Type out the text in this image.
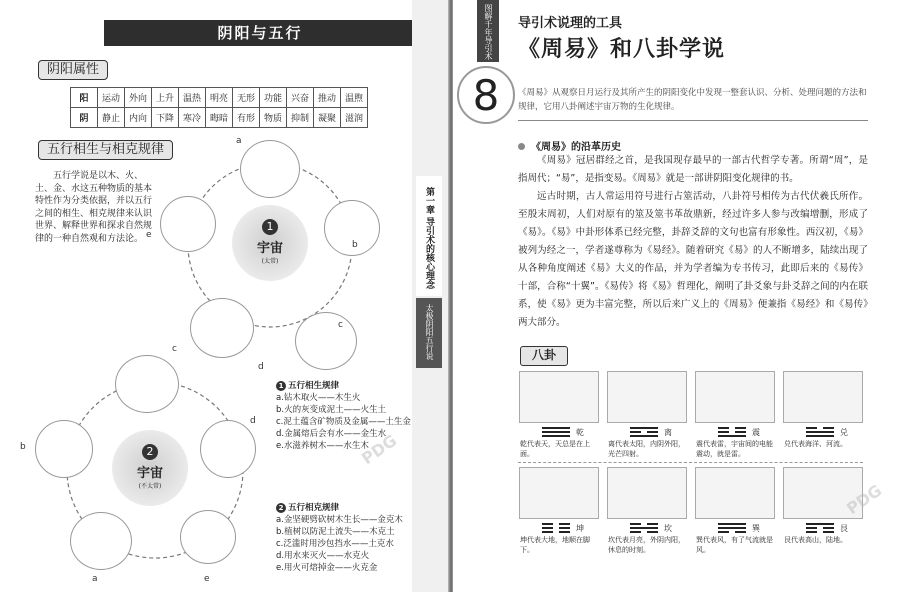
阴阳与五行
阴阳属性
阳	运动	外向	上升	温热	明亮	无形	功能	兴奋	推动	温煦
阴	静止	内向	下降	寒冷	晦暗	有形	物质	抑制	凝聚	滋润
五行相生与相克规律
五行学说是以木、火、土、金、水这五种物质的基本特性作为分类依据，并以五行之间的相生、相克规律来认识世界、解释世界和探求自然规律的一种自然观和方法论。
1
宇宙
(太常)
2
宇宙
(不太常)
e
a
b
c
d
c
b
a	e
d
1 五行相生规律
a.钻木取火——木生火
b.火的灰变成泥土——火生土
c.泥土蕴含矿物质及金属——土生金
d.金属熔后会有水——金生水
e.水滋养树木——水生木
2 五行相克规律
a.金坚硬劈砍树木生长——金克木
b.植树以防泥土流失——木克土
c.泛滥时用沙包挡水——土克水
d.用水来灭火——水克火
e.用火可熔掉金——火克金
第一章 导引术的核心理念
太极阴阳五行说
图解千年导引术
8
导引术说理的工具
《周易》和八卦学说
《周易》从观察日月运行及其所产生的阴阳变化中发现一整套认识、分析、处理问题的方法和规律，它用八卦阐述宇宙万物的生化规律。
《周易》的沿革历史
《周易》冠居群经之首，是我国现存最早的一部古代哲学专著。所谓“周”，是指周代；“易”，是指变易。《周易》就是一部讲阴阳变化规律的书。
远古时期，古人常运用符号进行占筮活动，八卦符号相传为古代伏羲氏所作。至殷末周初，人们对原有的筮及筮书革故鼎新，经过许多人参与改编增删，形成了《易》。《易》中卦形体系已经完整，卦辞爻辞的文句也富有形象性。西汉初，《易》被列为经之一，学者遂尊称为《易经》。随着研究《易》的人不断增多，陆续出现了从各种角度阐述《易》大义的作品，并为学者编为专书传习，此即后来的《易传》十部，合称“十翼”。《易传》将《易》哲理化，阐明了卦爻象与卦爻辞之间的内在联系，使《易》更为丰富完整，所以后来广义上的《周易》便兼指《易经》和《易传》两大部分。
八卦
乾
乾代表天，天总是在上面。
离
离代表太阳，内阴外阳，光芒四射。
震
震代表雷，宇宙间的电能震动，就是雷。
兑
兑代表海洋、河流。
坤
坤代表大地，地顺在脚下。
坎
坎代表月亮，外阴内阳，休息的时刻。
巽
巽代表风，有了气流就是风。
艮
艮代表高山，陆地。
PDG
PDG
